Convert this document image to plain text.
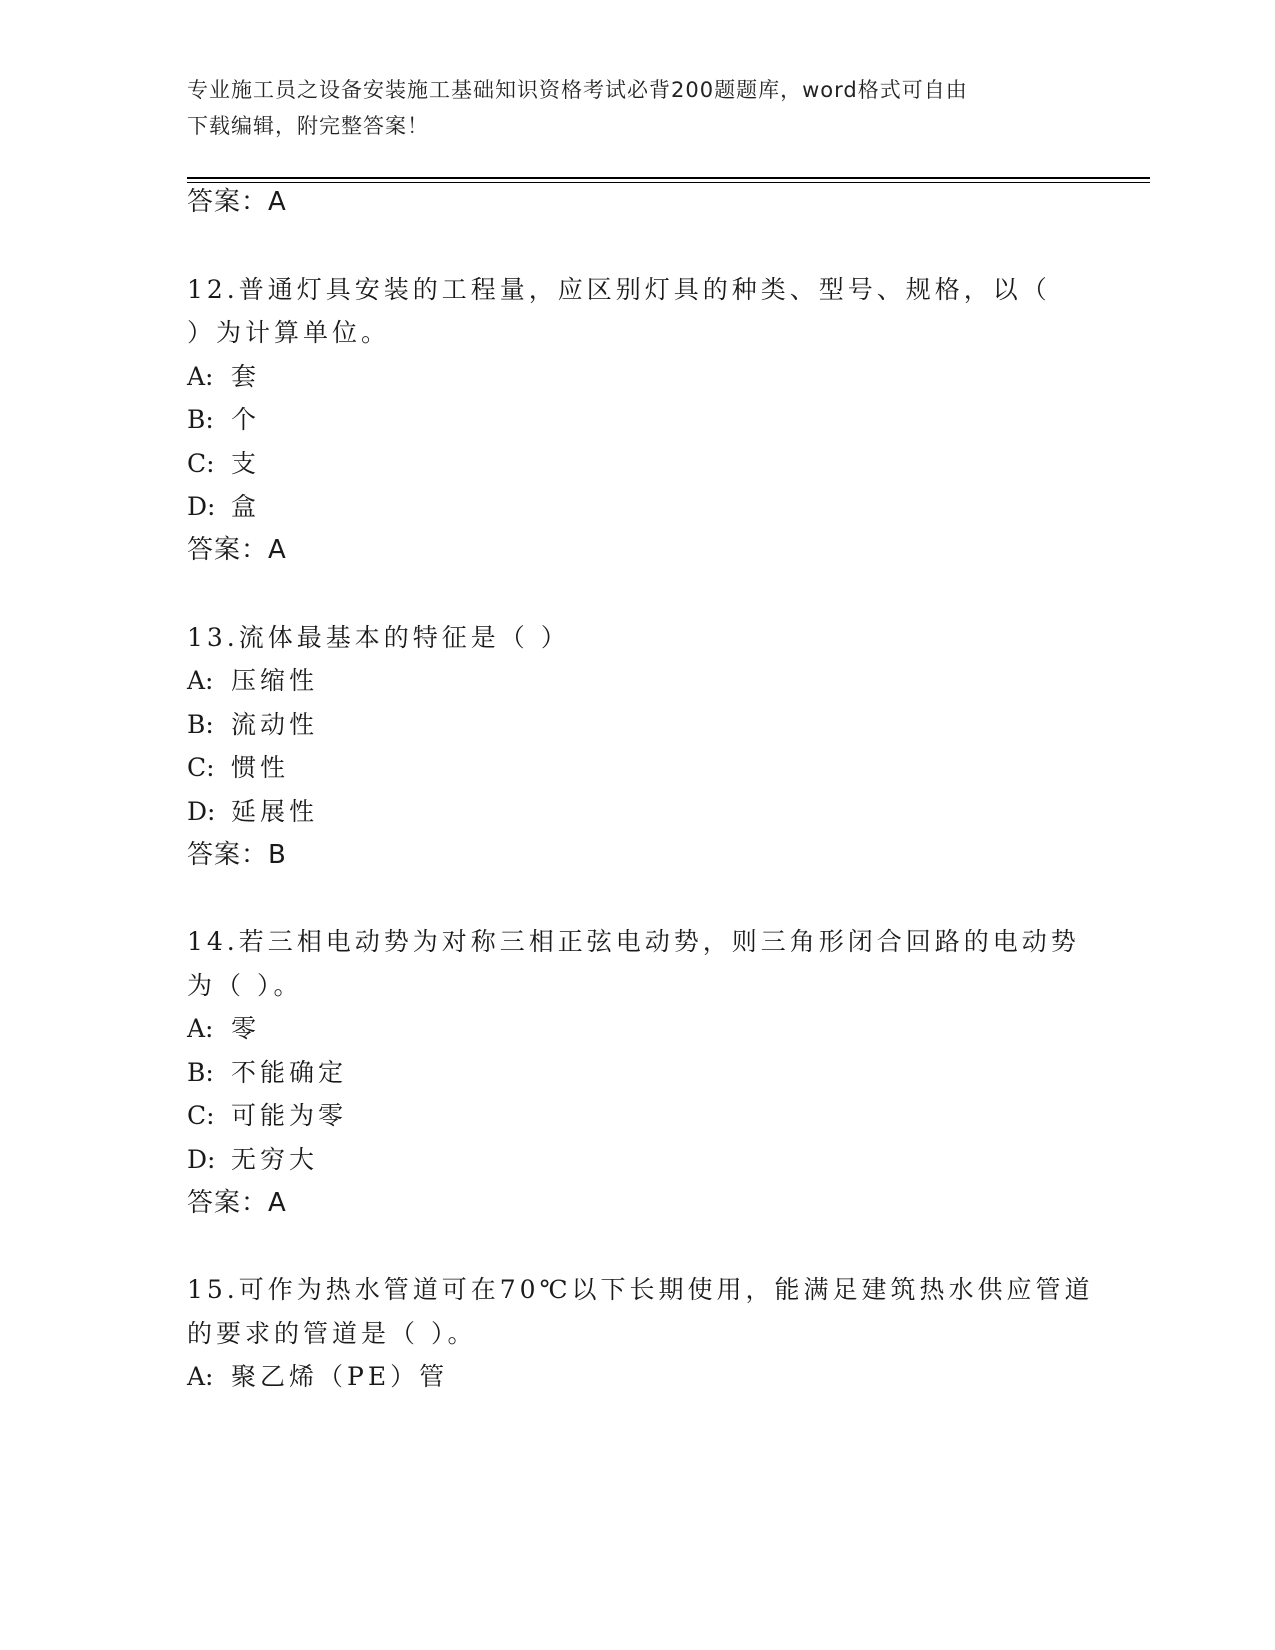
专业施工员之设备安装施工基础知识资格考试必背200题题库，word格式可自由
下载编辑，附完整答案！
答案：A
12.普通灯具安装的工程量，应区别灯具的种类、型号、规格，以（
）为计算单位。
A: 套
B: 个
C: 支
D: 盒
答案：A
13.流体最基本的特征是（ ）
A: 压缩性
B: 流动性
C: 惯性
D: 延展性
答案：B
14.若三相电动势为对称三相正弦电动势，则三角形闭合回路的电动势
为（ ）。
A: 零
B: 不能确定
C: 可能为零
D: 无穷大
答案：A
15.可作为热水管道可在70℃以下长期使用，能满足建筑热水供应管道
的要求的管道是（ ）。
A: 聚乙烯（PE）管
